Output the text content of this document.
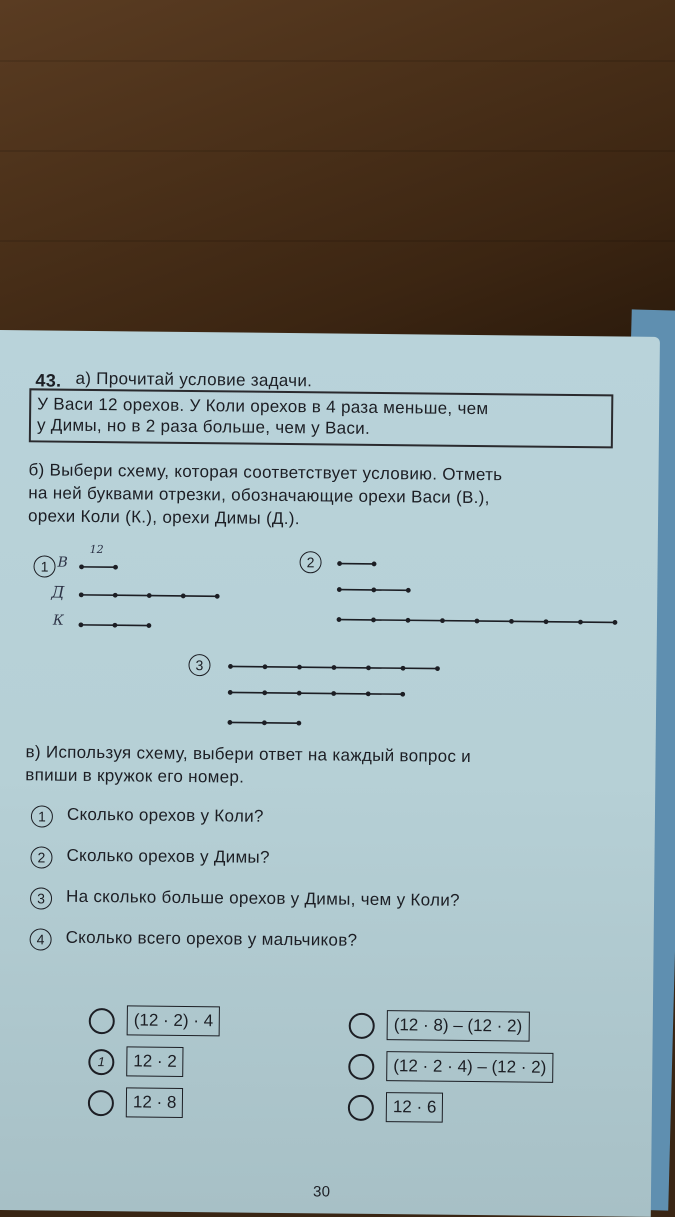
43. а) Прочитай условие задачи.
У Васи 12 орехов. У Коли орехов в 4 раза меньше, чем
у Димы, но в 2 раза больше, чем у Васи.
б) Выбери схему, которая соответствует условию. Отметь
на ней буквами отрезки, обозначающие орехи Васи (В.),
орехи Коли (К.), орехи Димы (Д.).
1	2
3
В
Д
К
12
в) Используя схему, выбери ответ на каждый вопрос и
впиши в кружок его номер.
1	Сколько орехов у Коли?
2	Сколько орехов у Димы?
3	На сколько больше орехов у Димы, чем у Коли?
4	Сколько всего орехов у мальчиков?
(12 · 2) · 4
1	12 · 2
12 · 8
(12 · 8) – (12 · 2)
(12 · 2 · 4) – (12 · 2)
12 · 6
30
